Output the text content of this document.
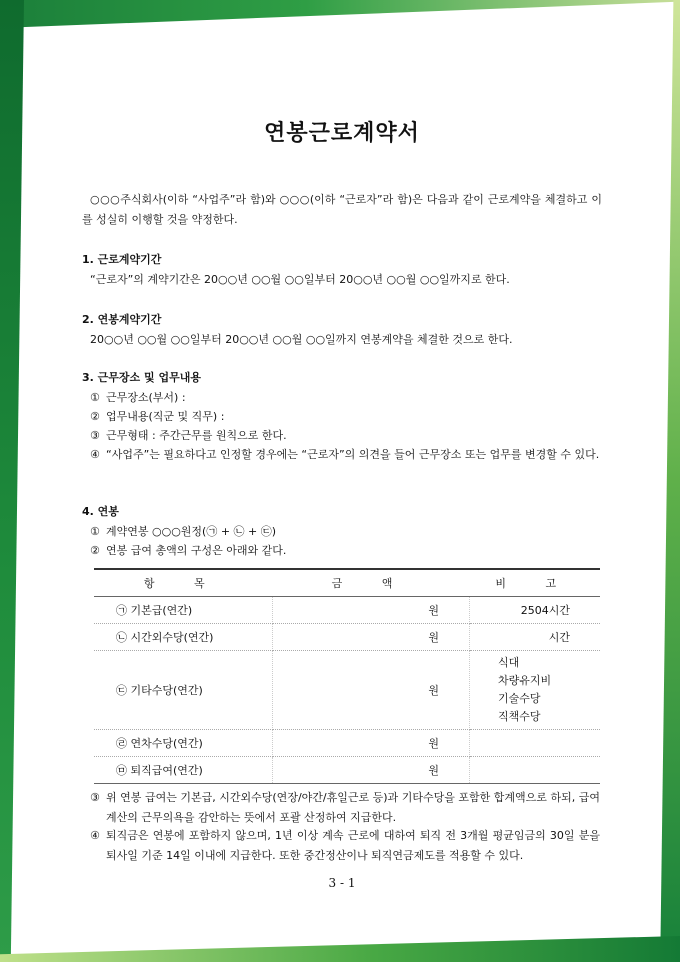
연봉근로계약서
○○○주식회사(이하 “사업주”라 함)와 ○○○(이하 “근로자”라 함)은 다음과 같이 근로계약을 체결하고 이를 성실히 이행할 것을 약정한다.
1. 근로계약기간
“근로자”의 계약기간은 20○○년 ○○월 ○○일부터 20○○년 ○○월 ○○일까지로 한다.
2. 연봉계약기간
20○○년 ○○월 ○○일부터 20○○년 ○○월 ○○일까지 연봉계약을 체결한 것으로 한다.
3. 근무장소 및 업무내용
① 근무장소(부서) :
② 업무내용(직군 및 직무) :
③ 근무형태 : 주간근무를 원칙으로 한다.
④ “사업주”는 필요하다고 인정할 경우에는 “근로자”의 의견을 들어 근무장소 또는 업무를 변경할 수 있다.
4. 연봉
① 계약연봉 ○○○원정(㉠ + ㉡ + ㉢)
② 연봉 급여 총액의 구성은 아래와 같다.
항 목	금 액	비 고
㉠ 기본급(연간)	원	2504시간
㉡ 시간외수당(연간)	원	시간
㉢ 기타수당(연간)	원	식대
차량유지비
기술수당
직책수당

㉣ 연차수당(연간)	원	
㉤ 퇴직급여(연간)	원	
③ 위 연봉 급여는 기본급, 시간외수당(연장/야간/휴일근로 등)과 기타수당을 포함한 합계액으로 하되, 급여계산의 근무의욕을 감안하는 뜻에서 포괄 산정하여 지급한다.
④ 퇴직금은 연봉에 포함하지 않으며, 1년 이상 계속 근로에 대하여 퇴직 전 3개월 평균임금의 30일 분을 퇴사일 기준 14일 이내에 지급한다. 또한 중간정산이나 퇴직연금제도를 적용할 수 있다.
3 - 1
